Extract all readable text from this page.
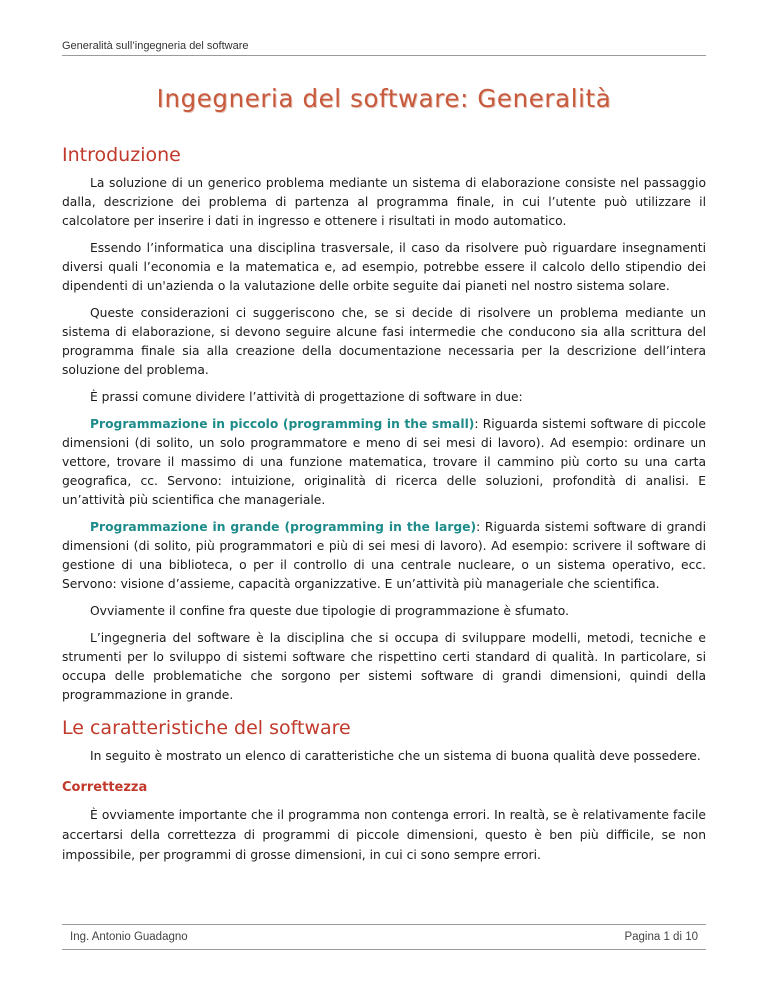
Generalità sull’ingegneria del software
Ingegneria del software: Generalità
Introduzione

La soluzione di un generico problema mediante un sistema di elaborazione consiste nel passaggio dalla, descrizione dei problema di partenza al programma finale, in cui l’utente può utilizzare il calcolatore per inserire i dati in ingresso e ottenere i risultati in modo automatico.

Essendo l’informatica una disciplina trasversale, il caso da risolvere può riguardare insegnamenti diversi quali l’economia e la matematica e, ad esempio, potrebbe essere il calcolo dello stipendio dei dipendenti di un'azienda o la valutazione delle orbite seguite dai pianeti nel nostro sistema solare.

Queste considerazioni ci suggeriscono che, se si decide di risolvere un problema mediante un sistema di elaborazione, si devono seguire alcune fasi intermedie che conducono sia alla scrittura del programma finale sia alla creazione della documentazione necessaria per la descrizione dell’intera soluzione del problema.

È prassi comune dividere l’attività di progettazione di software in due:

Programmazione in piccolo (programming in the small): Riguarda sistemi software di piccole dimensioni (di solito, un solo programmatore e meno di sei mesi di lavoro). Ad esempio: ordinare un vettore, trovare il massimo di una funzione matematica, trovare il cammino più corto su una carta geografica, cc. Servono: intuizione, originalità di ricerca delle soluzioni, profondità di analisi. E un’attività più scientifica che manageriale.

Programmazione in grande (programming in the large): Riguarda sistemi software di grandi dimensioni (di solito, più programmatori e più di sei mesi di lavoro). Ad esempio: scrivere il software di gestione di una biblioteca, o per il controllo di una centrale nucleare, o un sistema operativo, ecc. Servono: visione d’assieme, capacità organizzative. E un’attività più manageriale che scientifica.

Ovviamente il confine fra queste due tipologie di programmazione è sfumato.

L’ingegneria del software è la disciplina che si occupa di sviluppare modelli, metodi, tecniche e strumenti per lo sviluppo di sistemi software che rispettino certi standard di qualità. In particolare, si occupa delle problematiche che sorgono per sistemi software di grandi dimensioni, quindi della programmazione in grande.

Le caratteristiche del software

In seguito è mostrato un elenco di caratteristiche che un sistema di buona qualità deve possedere.

Correttezza

È ovviamente importante che il programma non contenga errori. In realtà, se è relativamente facile accertarsi della correttezza di programmi di piccole dimensioni, questo è ben più difficile, se non impossibile, per programmi di grosse dimensioni, in cui ci sono sempre errori.

Ing. Antonio Guadagno	Pagina 1 di 10
